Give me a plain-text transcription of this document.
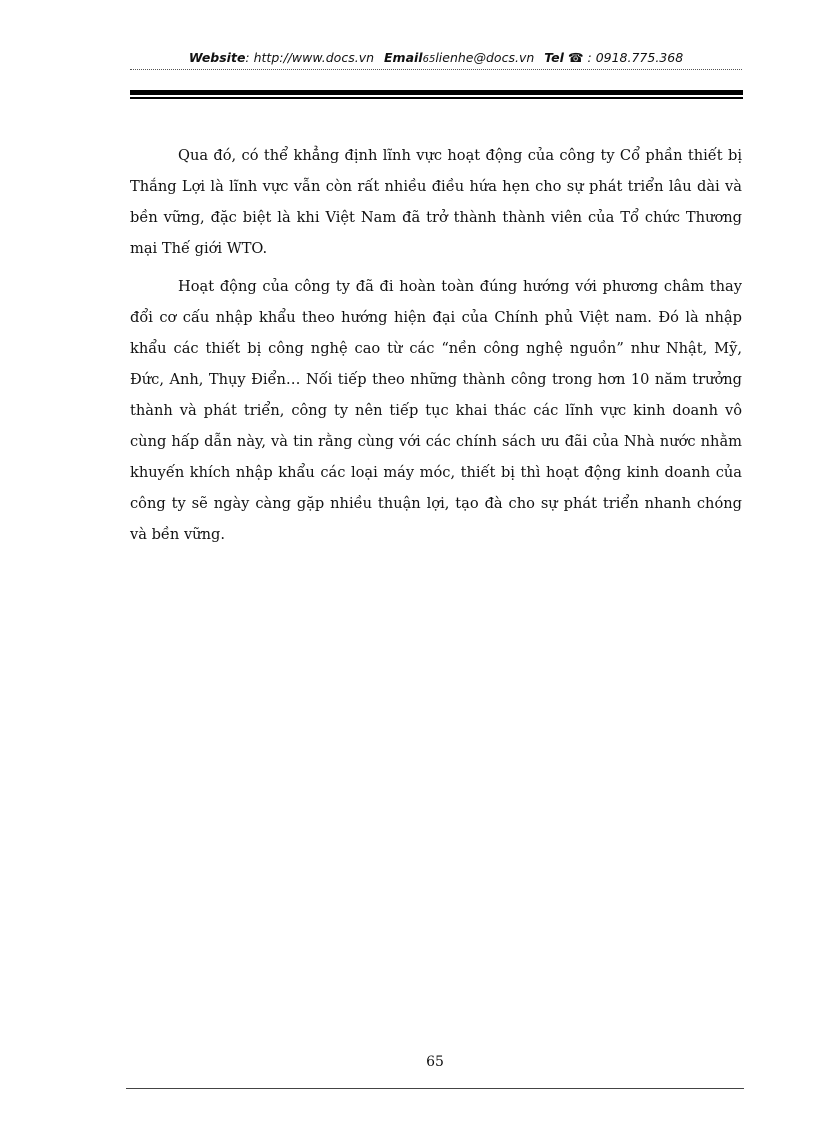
Website: http://www.docs.vn Email65lienhe@docs.vn Tel ☎ : 0918.775.368

Qua đó, có thể khẳng định lĩnh vực hoạt động của công ty Cổ phần thiết bị Thắng Lợi là lĩnh vực vẫn còn rất nhiều điều hứa hẹn cho sự phát triển lâu dài và bền vững, đặc biệt là khi Việt Nam đã trở thành thành viên của Tổ chức Thương mại Thế giới WTO.

Hoạt động của công ty đã đi hoàn toàn đúng hướng với phương châm thay đổi cơ cấu nhập khẩu theo hướng hiện đại của Chính phủ Việt nam. Đó là nhập khẩu các thiết bị công nghệ cao từ các “nền công nghệ nguồn” như Nhật, Mỹ, Đức, Anh, Thụy Điển… Nối tiếp theo những thành công trong hơn 10 năm trưởng thành và phát triển, công ty nên tiếp tục khai thác các lĩnh vực kinh doanh vô cùng hấp dẫn này, và tin rằng cùng với các chính sách ưu đãi của Nhà nước nhằm khuyến khích nhập khẩu các loại máy móc, thiết bị thì hoạt động kinh doanh của công ty sẽ ngày càng gặp nhiều thuận lợi, tạo đà cho sự phát triển nhanh chóng và bền vững.

65
